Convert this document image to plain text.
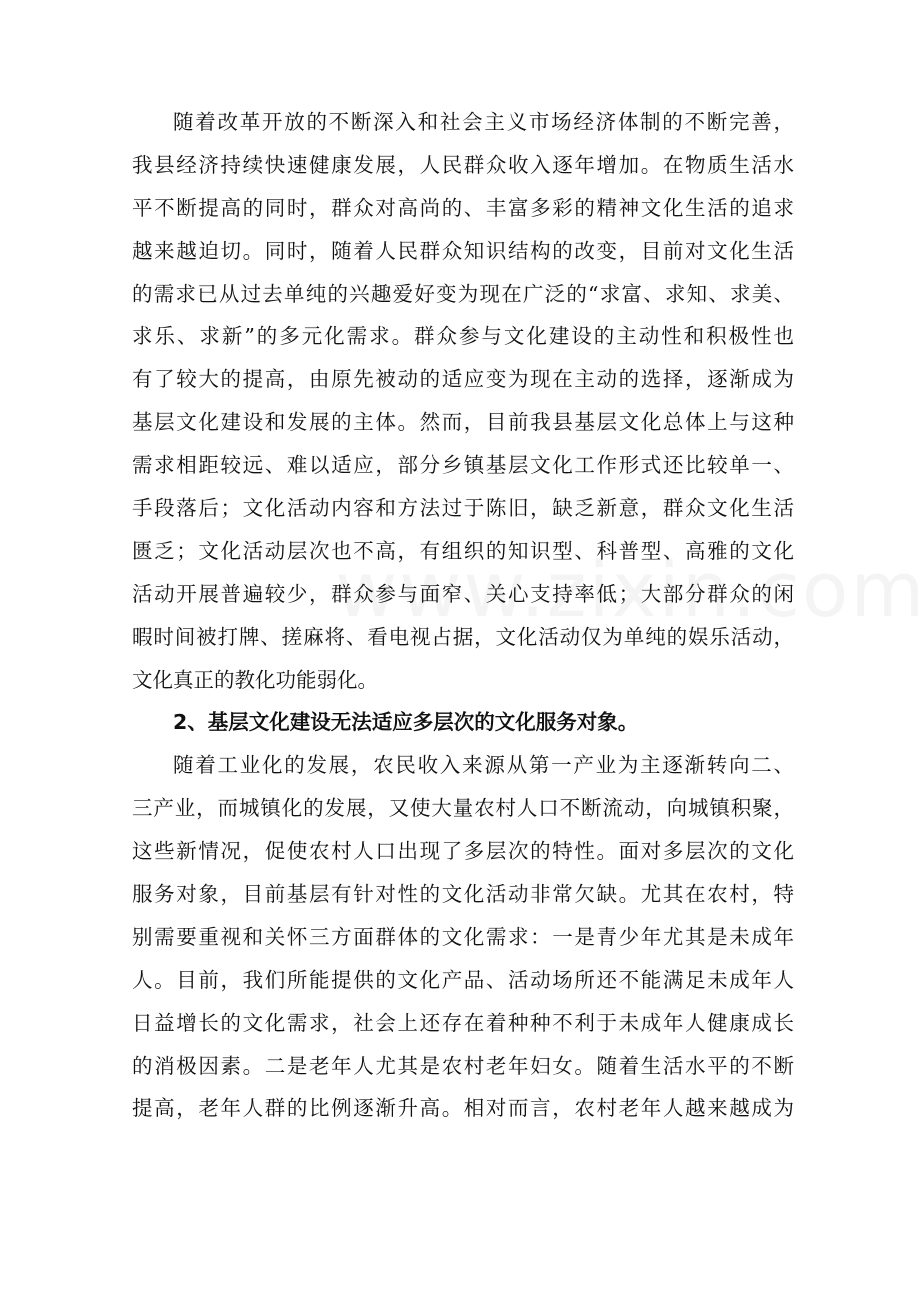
随着改革开放的不断深入和社会主义市场经济体制的不断完善，
我县经济持续快速健康发展，人民群众收入逐年增加。在物质生活水
平不断提高的同时，群众对高尚的、丰富多彩的精神文化生活的追求
越来越迫切。同时，随着人民群众知识结构的改变，目前对文化生活
的需求已从过去单纯的兴趣爱好变为现在广泛的“求富、求知、求美、
求乐、求新”的多元化需求。群众参与文化建设的主动性和积极性也
有了较大的提高，由原先被动的适应变为现在主动的选择，逐渐成为
基层文化建设和发展的主体。然而，目前我县基层文化总体上与这种
需求相距较远、难以适应，部分乡镇基层文化工作形式还比较单一、
手段落后；文化活动内容和方法过于陈旧，缺乏新意，群众文化生活
匮乏；文化活动层次也不高，有组织的知识型、科普型、高雅的文化
活动开展普遍较少，群众参与面窄、关心支持率低；大部分群众的闲
暇时间被打牌、搓麻将、看电视占据，文化活动仅为单纯的娱乐活动，
文化真正的教化功能弱化。
2、基层文化建设无法适应多层次的文化服务对象。
随着工业化的发展，农民收入来源从第一产业为主逐渐转向二、
三产业，而城镇化的发展，又使大量农村人口不断流动，向城镇积聚，
这些新情况，促使农村人口出现了多层次的特性。面对多层次的文化
服务对象，目前基层有针对性的文化活动非常欠缺。尤其在农村，特
别需要重视和关怀三方面群体的文化需求：一是青少年尤其是未成年
人。目前，我们所能提供的文化产品、活动场所还不能满足未成年人
日益增长的文化需求，社会上还存在着种种不利于未成年人健康成长
的消极因素。二是老年人尤其是农村老年妇女。随着生活水平的不断
提高，老年人群的比例逐渐升高。相对而言，农村老年人越来越成为
